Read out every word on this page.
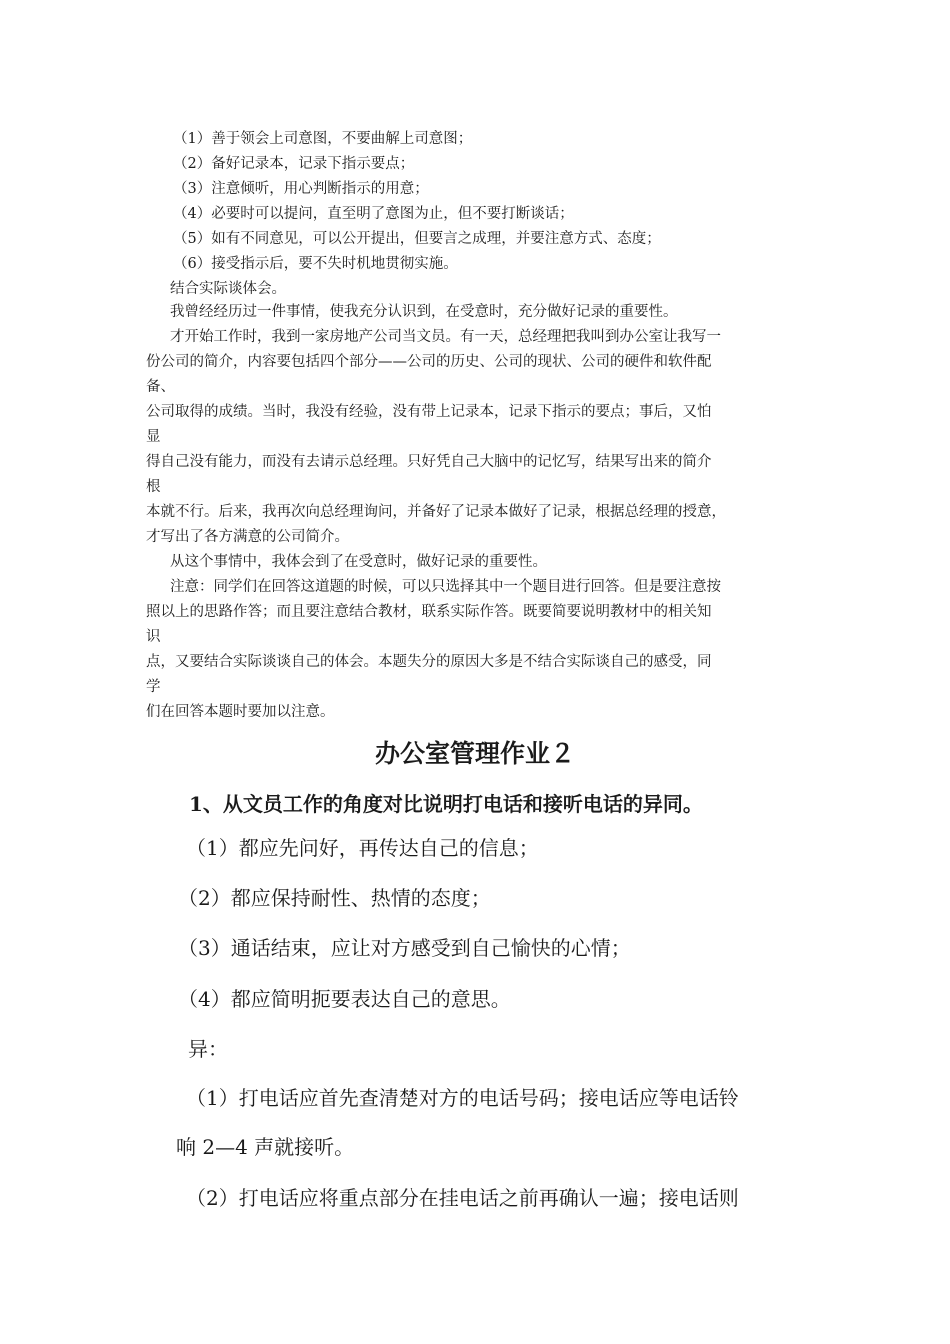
（1）善于领会上司意图，不要曲解上司意图；
（2）备好记录本，记录下指示要点；
（3）注意倾听，用心判断指示的用意；
（4）必要时可以提问，直至明了意图为止，但不要打断谈话；
（5）如有不同意见，可以公开提出，但要言之成理，并要注意方式、态度；
（6）接受指示后，要不失时机地贯彻实施。
结合实际谈体会。
我曾经经历过一件事情，使我充分认识到，在受意时，充分做好记录的重要性。
才开始工作时，我到一家房地产公司当文员。有一天，总经理把我叫到办公室让我写一
份公司的简介，内容要包括四个部分——公司的历史、公司的现状、公司的硬件和软件配
备、
公司取得的成绩。当时，我没有经验，没有带上记录本，记录下指示的要点；事后，又怕
显
得自己没有能力，而没有去请示总经理。只好凭自己大脑中的记忆写，结果写出来的简介
根
本就不行。后来，我再次向总经理询问，并备好了记录本做好了记录，根据总经理的授意，
才写出了各方满意的公司简介。
从这个事情中，我体会到了在受意时，做好记录的重要性。
注意：同学们在回答这道题的时候，可以只选择其中一个题目进行回答。但是要注意按
照以上的思路作答；而且要注意结合教材，联系实际作答。既要简要说明教材中的相关知
识
点，又要结合实际谈谈自己的体会。本题失分的原因大多是不结合实际谈自己的感受，同
学
们在回答本题时要加以注意。
办公室管理作业２
1、从文员工作的角度对比说明打电话和接听电话的异同。
（1）都应先问好，再传达自己的信息；
（2）都应保持耐性、热情的态度；
（3）通话结束，应让对方感受到自己愉快的心情；
（4）都应简明扼要表达自己的意思。
异：
（1）打电话应首先查清楚对方的电话号码；接电话应等电话铃
响 2—4 声就接听。
（2）打电话应将重点部分在挂电话之前再确认一遍；接电话则
